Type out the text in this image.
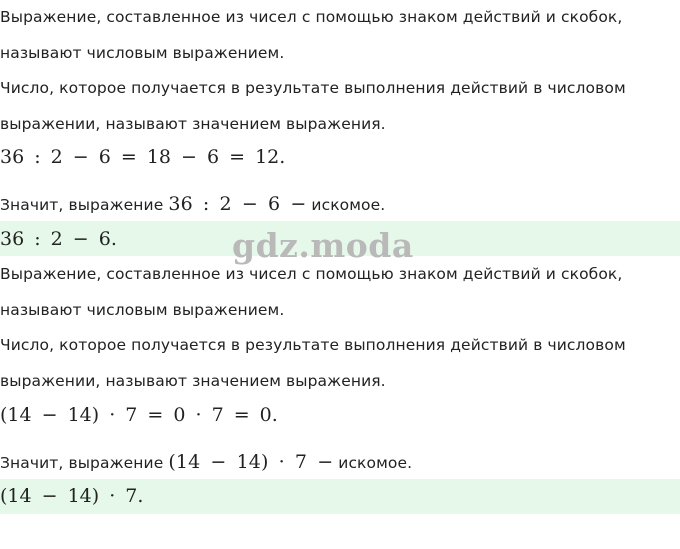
Выражение, составленное из чисел с помощью знаком действий и скобок,
называют числовым выражением.
Число, которое получается в результате выполнения действий в числовом
выражении, называют значением выражения.
36 : 2 − 6 = 18 − 6 = 12.
Значит, выражение 36 : 2 − 6 − искомое.
36 : 2 − 6.
Выражение, составленное из чисел с помощью знаком действий и скобок,
называют числовым выражением.
Число, которое получается в результате выполнения действий в числовом
выражении, называют значением выражения.
(14 − 14) · 7 = 0 · 7 = 0.
Значит, выражение (14 − 14) · 7 − искомое.
(14 − 14) · 7.
gdz.moda
